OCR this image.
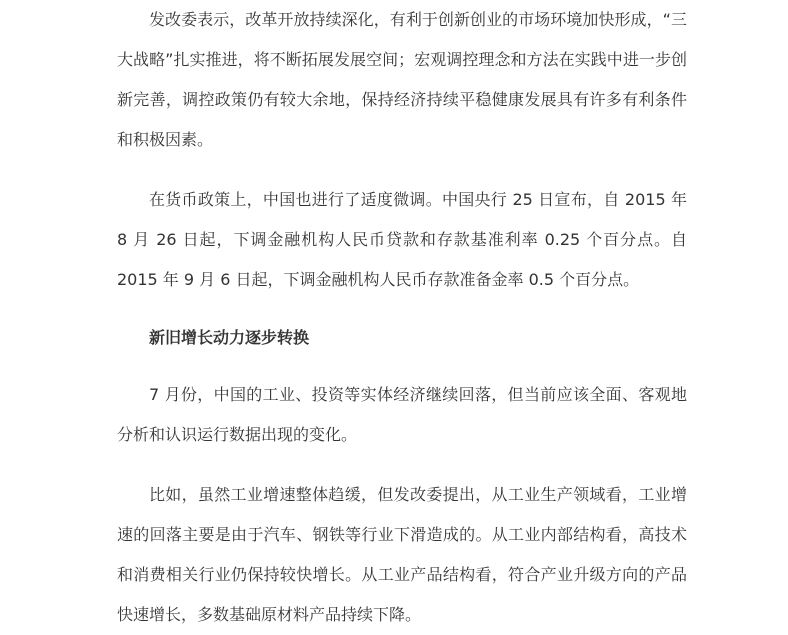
发改委表示，改革开放持续深化，有利于创新创业的市场环境加快形成，“三大战略”扎实推进，将不断拓展发展空间；宏观调控理念和方法在实践中进一步创新完善，调控政策仍有较大余地，保持经济持续平稳健康发展具有许多有利条件和积极因素。

在货币政策上，中国也进行了适度微调。中国央行 25 日宣布，自 2015 年 8 月 26 日起，下调金融机构人民币贷款和存款基准利率 0.25 个百分点。自 2015 年 9 月 6 日起，下调金融机构人民币存款准备金率 0.5 个百分点。

新旧增长动力逐步转换

7 月份，中国的工业、投资等实体经济继续回落，但当前应该全面、客观地分析和认识运行数据出现的变化。

比如，虽然工业增速整体趋缓，但发改委提出，从工业生产领域看，工业增速的回落主要是由于汽车、钢铁等行业下滑造成的。从工业内部结构看，高技术和消费相关行业仍保持较快增长。从工业产品结构看，符合产业升级方向的产品快速增长，多数基础原材料产品持续下降。
